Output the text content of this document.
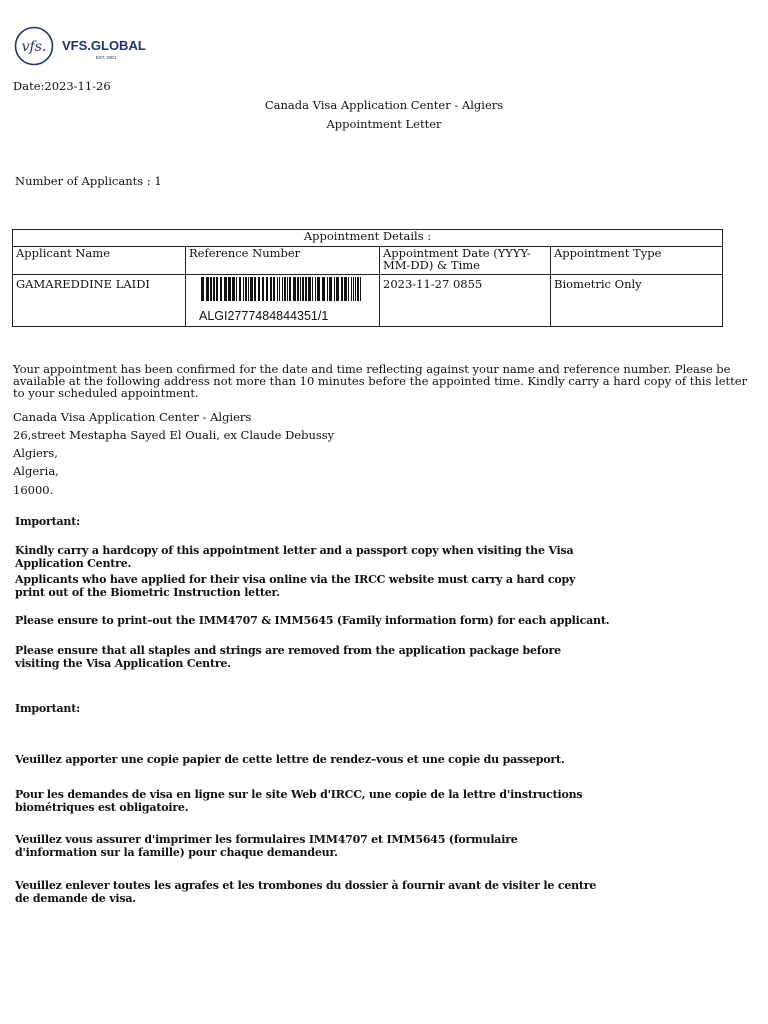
vfs. VFS.GLOBAL
EST. 2001
Date:2023-11-26
Canada Visa Application Center - Algiers
Appointment Letter
Number of Applicants : 1
Appointment Details :			
Applicant Name	Reference Number	Appointment Date (YYYY-MM-DD) & Time	Appointment Type
GAMAREDDINE LAIDI	ALGI2777484844351/1	2023-11-27 0855	Biometric Only
Your appointment has been confirmed for the date and time reflecting against your name and reference number. Please be available at the following address not more than 10 minutes before the appointed time. Kindly carry a hard copy of this letter to your scheduled appointment.
Canada Visa Application Center - Algiers
26,street Mestapha Sayed El Ouali, ex Claude Debussy
Algiers,
Algeria,
16000.
Important:
Kindly carry a hardcopy of this appointment letter and a passport copy when visiting the Visa Application Centre.
Applicants who have applied for their visa online via the IRCC website must carry a hard copy print out of the Biometric Instruction letter.
Please ensure to print–out the IMM4707 & IMM5645 (Family information form) for each applicant.
Please ensure that all staples and strings are removed from the application package before visiting the Visa Application Centre.
Important:
Veuillez apporter une copie papier de cette lettre de rendez–vous et une copie du passeport.
Pour les demandes de visa en ligne sur le site Web d'IRCC, une copie de la lettre d'instructions biométriques est obligatoire.
Veuillez vous assurer d'imprimer les formulaires IMM4707 et IMM5645 (formulaire d'information sur la famille) pour chaque demandeur.
Veuillez enlever toutes les agrafes et les trombones du dossier à fournir avant de visiter le centre de demande de visa.
